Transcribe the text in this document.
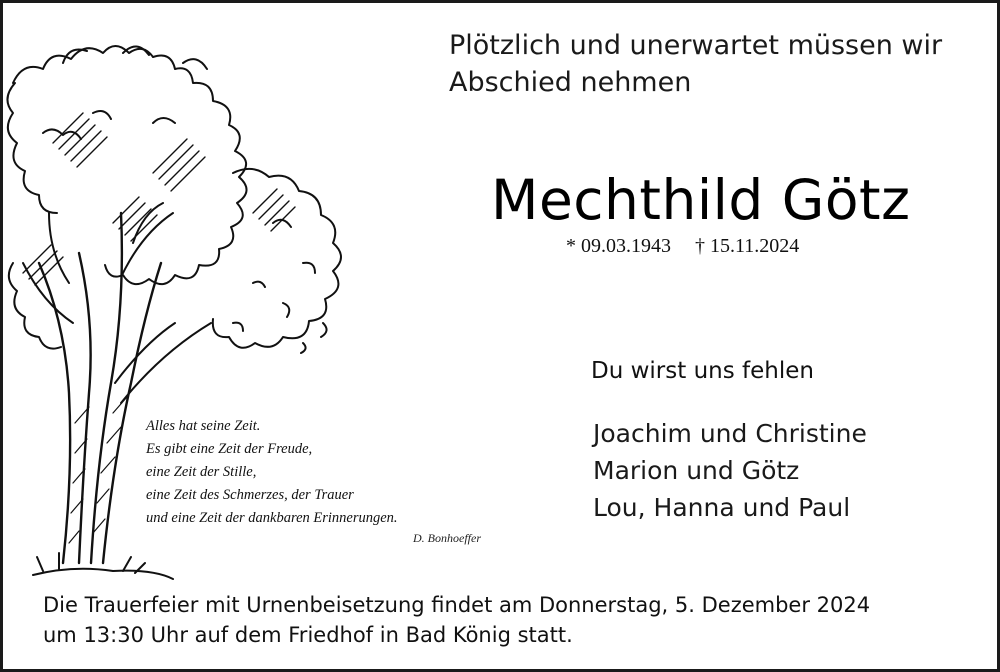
Plötzlich und unerwartet müssen wir
Abschied nehmen
Mechthild Götz
* 09.03.1943 † 15.11.2024
Du wirst uns fehlen
Joachim und Christine
Marion und Götz
Lou, Hanna und Paul
Alles hat seine Zeit.
Es gibt eine Zeit der Freude,
eine Zeit der Stille,
eine Zeit des Schmerzes, der Trauer
und eine Zeit der dankbaren Erinnerungen.
D. Bonhoeffer
Die Trauerfeier mit Urnenbeisetzung findet am Donnerstag, 5. Dezember 2024
um 13:30 Uhr auf dem Friedhof in Bad König statt.
